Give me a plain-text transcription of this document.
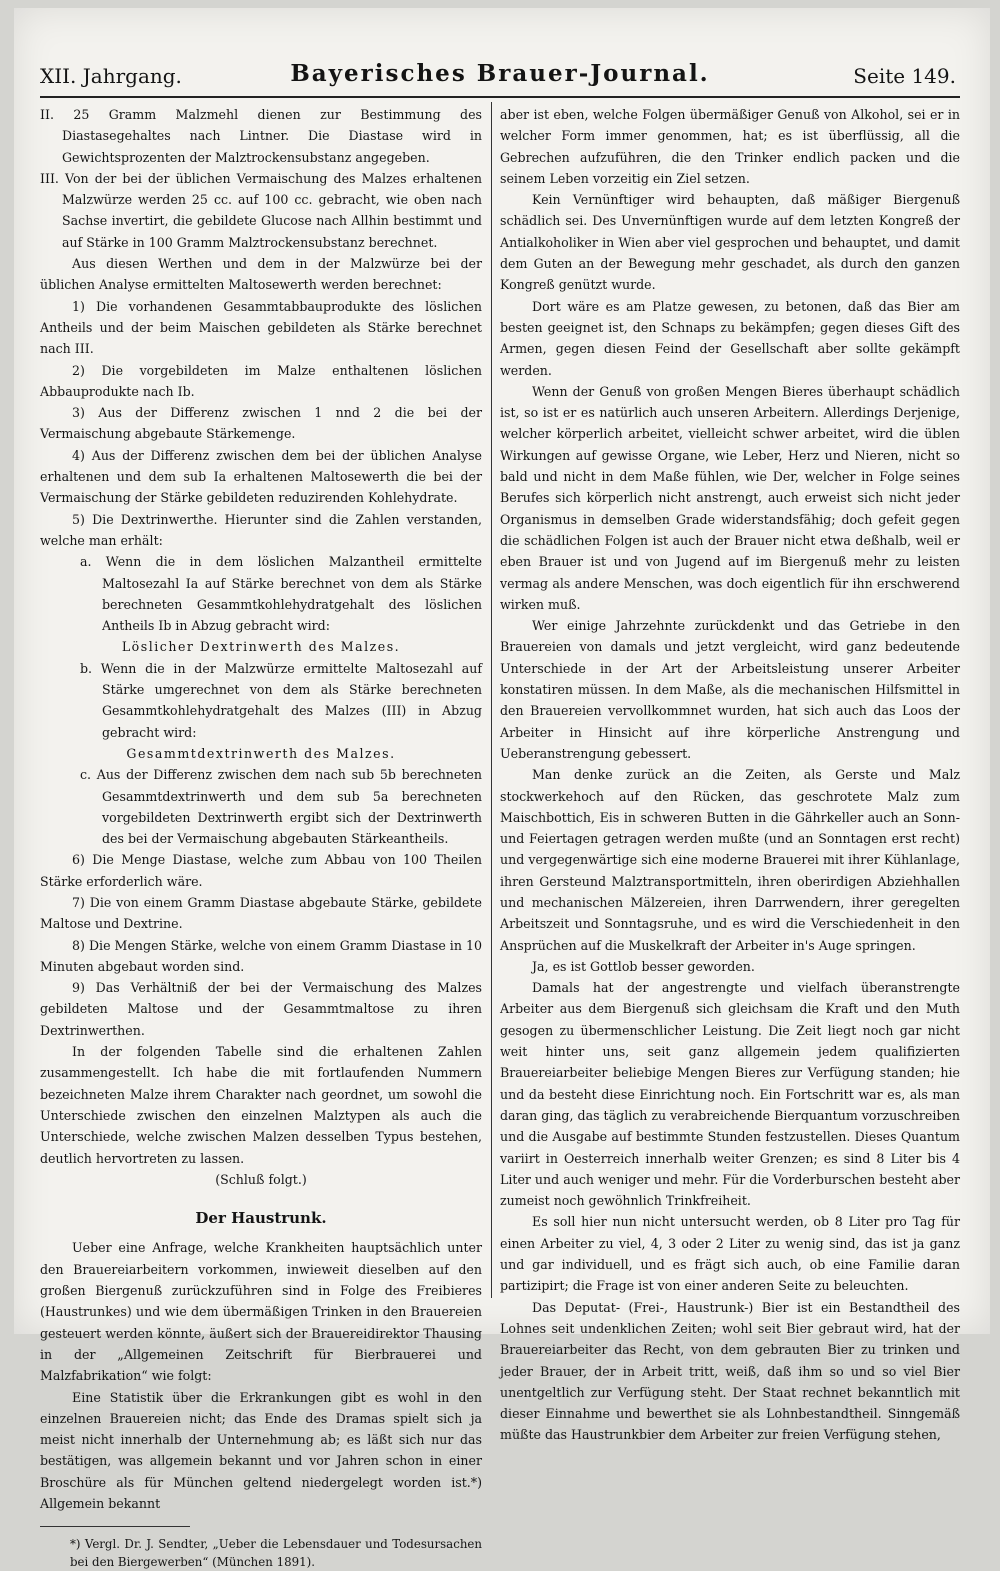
XII. Jahrgang.	Bayerisches Brauer-Journal.	Seite 149.

II. 25 Gramm Malzmehl dienen zur Bestimmung des Diastasegehaltes nach Lintner. Die Diastase wird in Gewichtsprozenten der Malztrockensubstanz angegeben.

III. Von der bei der üblichen Vermaischung des Malzes erhaltenen Malzwürze werden 25 cc. auf 100 cc. gebracht, wie oben nach Sachse invertirt, die gebildete Glucose nach Allhin bestimmt und auf Stärke in 100 Gramm Malztrockensubstanz berechnet.

Aus diesen Werthen und dem in der Malzwürze bei der üblichen Analyse ermittelten Maltosewerth werden berechnet:

1) Die vorhandenen Gesammtabbauprodukte des löslichen Antheils und der beim Maischen gebildeten als Stärke berechnet nach III.

2) Die vorgebildeten im Malze enthaltenen löslichen Abbauprodukte nach Ib.

3) Aus der Differenz zwischen 1 nnd 2 die bei der Vermaischung abgebaute Stärkemenge.

4) Aus der Differenz zwischen dem bei der üblichen Analyse erhaltenen und dem sub Ia erhaltenen Maltosewerth die bei der Vermaischung der Stärke gebildeten reduzirenden Kohlehydrate.

5) Die Dextrinwerthe. Hierunter sind die Zahlen verstanden, welche man erhält:

a. Wenn die in dem löslichen Malzantheil ermittelte Maltosezahl Ia auf Stärke berechnet von dem als Stärke berechneten Gesammtkohlehydratgehalt des löslichen Antheils Ib in Abzug gebracht wird:

Löslicher Dextrinwerth des Malzes.

b. Wenn die in der Malzwürze ermittelte Maltosezahl auf Stärke umgerechnet von dem als Stärke berechneten Gesammtkohlehydratgehalt des Malzes (III) in Abzug gebracht wird:

Gesammtdextrinwerth des Malzes.

c. Aus der Differenz zwischen dem nach sub 5b berechneten Gesammtdextrinwerth und dem sub 5a berechneten vorgebildeten Dextrinwerth ergibt sich der Dextrinwerth des bei der Vermaischung abgebauten Stärkeantheils.

6) Die Menge Diastase, welche zum Abbau von 100 Theilen Stärke erforderlich wäre.

7) Die von einem Gramm Diastase abgebaute Stärke, gebildete Maltose und Dextrine.

8) Die Mengen Stärke, welche von einem Gramm Diastase in 10 Minuten abgebaut worden sind.

9) Das Verhältniß der bei der Vermaischung des Malzes gebildeten Maltose und der Gesammtmaltose zu ihren Dextrinwerthen.

In der folgenden Tabelle sind die erhaltenen Zahlen zusammengestellt. Ich habe die mit fortlaufenden Nummern bezeichneten Malze ihrem Charakter nach geordnet, um sowohl die Unterschiede zwischen den einzelnen Malztypen als auch die Unterschiede, welche zwischen Malzen desselben Typus bestehen, deutlich hervortreten zu lassen.

(Schluß folgt.)

Der Haustrunk.

Ueber eine Anfrage, welche Krankheiten hauptsächlich unter den Brauereiarbeitern vorkommen, inwieweit dieselben auf den großen Biergenuß zurückzuführen sind in Folge des Freibieres (Haustrunkes) und wie dem übermäßigen Trinken in den Brauereien gesteuert werden könnte, äußert sich der Brauereidirektor Thausing in der „Allgemeinen Zeitschrift für Bierbrauerei und Malzfabrikation“ wie folgt:

Eine Statistik über die Erkrankungen gibt es wohl in den einzelnen Brauereien nicht; das Ende des Dramas spielt sich ja meist nicht innerhalb der Unternehmung ab; es läßt sich nur das bestätigen, was allgemein bekannt und vor Jahren schon in einer Broschüre als für München geltend niedergelegt worden ist.*) Allgemein bekannt

*) Vergl. Dr. J. Sendter, „Ueber die Lebensdauer und Todesursachen bei den Biergewerben“ (München 1891).

aber ist eben, welche Folgen übermäßiger Genuß von Alkohol, sei er in welcher Form immer genommen, hat; es ist überflüssig, all die Gebrechen aufzuführen, die den Trinker endlich packen und die seinem Leben vorzeitig ein Ziel setzen.

Kein Vernünftiger wird behaupten, daß mäßiger Biergenuß schädlich sei. Des Unvernünftigen wurde auf dem letzten Kongreß der Antialkoholiker in Wien aber viel gesprochen und behauptet, und damit dem Guten an der Bewegung mehr geschadet, als durch den ganzen Kongreß genützt wurde.

Dort wäre es am Platze gewesen, zu betonen, daß das Bier am besten geeignet ist, den Schnaps zu bekämpfen; gegen dieses Gift des Armen, gegen diesen Feind der Gesellschaft aber sollte gekämpft werden.

Wenn der Genuß von großen Mengen Bieres überhaupt schädlich ist, so ist er es natürlich auch unseren Arbeitern. Allerdings Derjenige, welcher körperlich arbeitet, vielleicht schwer arbeitet, wird die üblen Wirkungen auf gewisse Organe, wie Leber, Herz und Nieren, nicht so bald und nicht in dem Maße fühlen, wie Der, welcher in Folge seines Berufes sich körperlich nicht anstrengt, auch erweist sich nicht jeder Organismus in demselben Grade widerstandsfähig; doch gefeit gegen die schädlichen Folgen ist auch der Brauer nicht etwa deßhalb, weil er eben Brauer ist und von Jugend auf im Biergenuß mehr zu leisten vermag als andere Menschen, was doch eigentlich für ihn erschwerend wirken muß.

Wer einige Jahrzehnte zurückdenkt und das Getriebe in den Brauereien von damals und jetzt vergleicht, wird ganz bedeutende Unterschiede in der Art der Arbeitsleistung unserer Arbeiter konstatiren müssen. In dem Maße, als die mechanischen Hilfsmittel in den Brauereien vervollkommnet wurden, hat sich auch das Loos der Arbeiter in Hinsicht auf ihre körperliche Anstrengung und Ueberanstrengung gebessert.

Man denke zurück an die Zeiten, als Gerste und Malz stockwerkehoch auf den Rücken, das geschrotete Malz zum Maischbottich, Eis in schweren Butten in die Gährkeller auch an Sonn- und Feiertagen getragen werden mußte (und an Sonntagen erst recht) und vergegenwärtige sich eine moderne Brauerei mit ihrer Kühlanlage, ihren Gersteund Malztransportmitteln, ihren oberirdigen Abziehhallen und mechanischen Mälzereien, ihren Darrwendern, ihrer geregelten Arbeitszeit und Sonntagsruhe, und es wird die Verschiedenheit in den Ansprüchen auf die Muskelkraft der Arbeiter in's Auge springen.

Ja, es ist Gottlob besser geworden.

Damals hat der angestrengte und vielfach überanstrengte Arbeiter aus dem Biergenuß sich gleichsam die Kraft und den Muth gesogen zu übermenschlicher Leistung. Die Zeit liegt noch gar nicht weit hinter uns, seit ganz allgemein jedem qualifizierten Brauereiarbeiter beliebige Mengen Bieres zur Verfügung standen; hie und da besteht diese Einrichtung noch. Ein Fortschritt war es, als man daran ging, das täglich zu verabreichende Bierquantum vorzuschreiben und die Ausgabe auf bestimmte Stunden festzustellen. Dieses Quantum variirt in Oesterreich innerhalb weiter Grenzen; es sind 8 Liter bis 4 Liter und auch weniger und mehr. Für die Vorderburschen besteht aber zumeist noch gewöhnlich Trinkfreiheit.

Es soll hier nun nicht untersucht werden, ob 8 Liter pro Tag für einen Arbeiter zu viel, 4, 3 oder 2 Liter zu wenig sind, das ist ja ganz und gar individuell, und es frägt sich auch, ob eine Familie daran partizipirt; die Frage ist von einer anderen Seite zu beleuchten.

Das Deputat- (Frei-, Haustrunk-) Bier ist ein Bestandtheil des Lohnes seit undenklichen Zeiten; wohl seit Bier gebraut wird, hat der Brauereiarbeiter das Recht, von dem gebrauten Bier zu trinken und jeder Brauer, der in Arbeit tritt, weiß, daß ihm so und so viel Bier unentgeltlich zur Verfügung steht. Der Staat rechnet bekanntlich mit dieser Einnahme und bewerthet sie als Lohnbestandtheil. Sinngemäß müßte das Haustrunkbier dem Arbeiter zur freien Verfügung stehen,
